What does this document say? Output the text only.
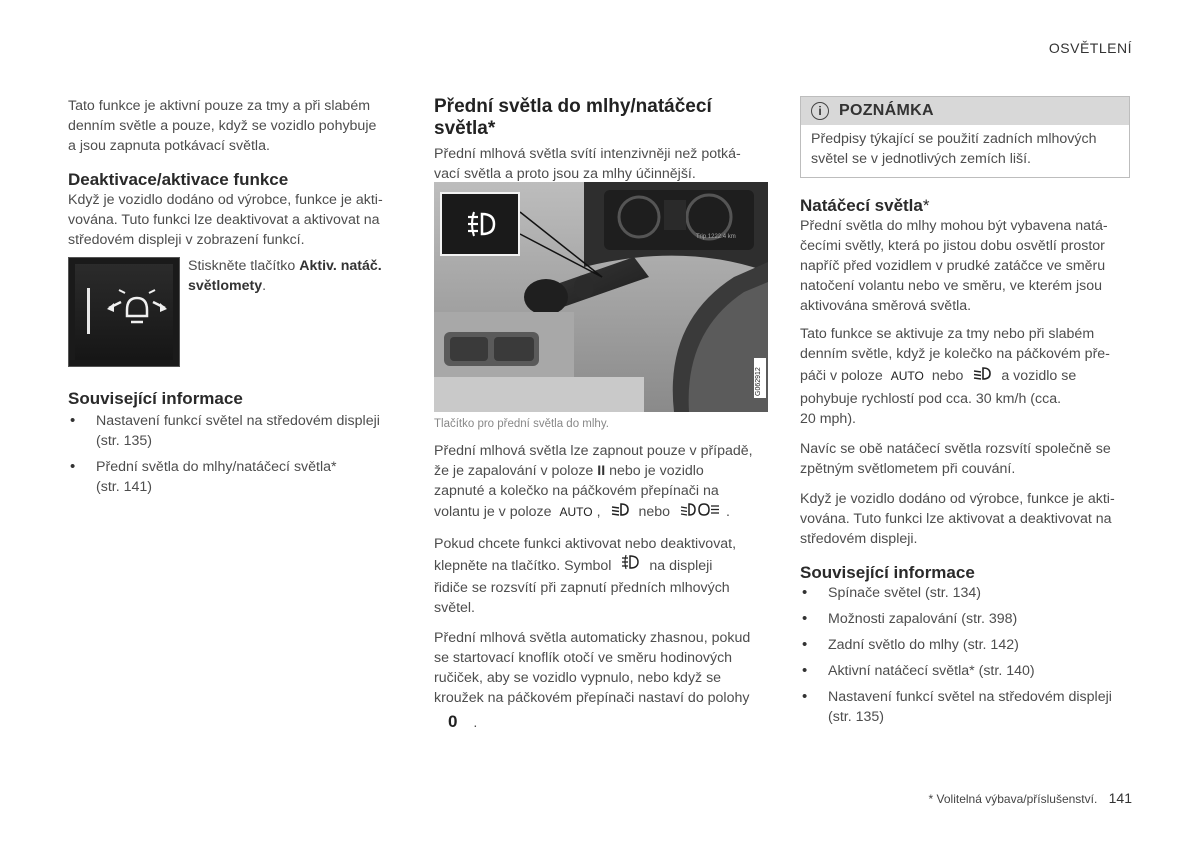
OSVĚTLENÍ

Tato funkce je aktivní pouze za tmy a při slabém

denním světle a pouze, když se vozidlo pohybuje

a jsou zapnuta potkávací světla.

Deaktivace/aktivace funkce

Když je vozidlo dodáno od výrobce, funkce je akti-

vována. Tuto funkci lze deaktivovat a aktivovat na

středovém displeji v zobrazení funkcí.

Stiskněte tlačítko Aktiv. natáč.

světlomety.

Související informace
• Nastavení funkcí světel na středovém displeji
(str. 135)
• Přední světla do mlhy/natáčecí světla*
(str. 141)
Přední světla do mlhy/natáčecí
světla*

Přední mlhová světla svítí intenzivněji než potká-

vací světla a proto jsou za mlhy účinnější.

Trip 1222.4 km
G062912
Tlačítko pro přední světla do mlhy.

Přední mlhová světla lze zapnout pouze v případě,

že je zapalování v poloze II nebo je vozidlo

zapnuté a kolečko na páčkovém přepínači na

volantu je v poloze AUTO ,	nebo	.

Pokud chcete funkci aktivovat nebo deaktivovat,

klepněte na tlačítko. Symbol	na displeji

řidiče se rozsvítí při zapnutí předních mlhových

světel.

Přední mlhová světla automaticky zhasnou, pokud

se startovací knoflík otočí ve směru hodinových

ručiček, aby se vozidlo vypnulo, nebo když se

kroužek na páčkovém přepínači nastaví do polohy

0 .

i	POZNÁMKA

Předpisy týkající se použití zadních mlhových

světel se v jednotlivých zemích liší.

Natáčecí světla*

Přední světla do mlhy mohou být vybavena natá-

čecími světly, která po jistou dobu osvětlí prostor

napříč před vozidlem v prudké zatáčce ve směru

natočení volantu nebo ve směru, ve kterém jsou

aktivována směrová světla.

Tato funkce se aktivuje za tmy nebo při slabém

denním světle, když je kolečko na páčkovém pře-

páči v poloze AUTO nebo	a vozidlo se

pohybuje rychlostí pod cca. 30 km/h (cca.

20 mph).

Navíc se obě natáčecí světla rozsvítí společně se

zpětným světlometem při couvání.

Když je vozidlo dodáno od výrobce, funkce je akti-

vována. Tuto funkci lze aktivovat a deaktivovat na

středovém displeji.

Související informace
• Spínače světel (str. 134)
• Možnosti zapalování (str. 398)
• Zadní světlo do mlhy (str. 142)
• Aktivní natáčecí světla* (str. 140)
• Nastavení funkcí světel na středovém displeji
(str. 135)
* Volitelná výbava/příslušenství. 141
